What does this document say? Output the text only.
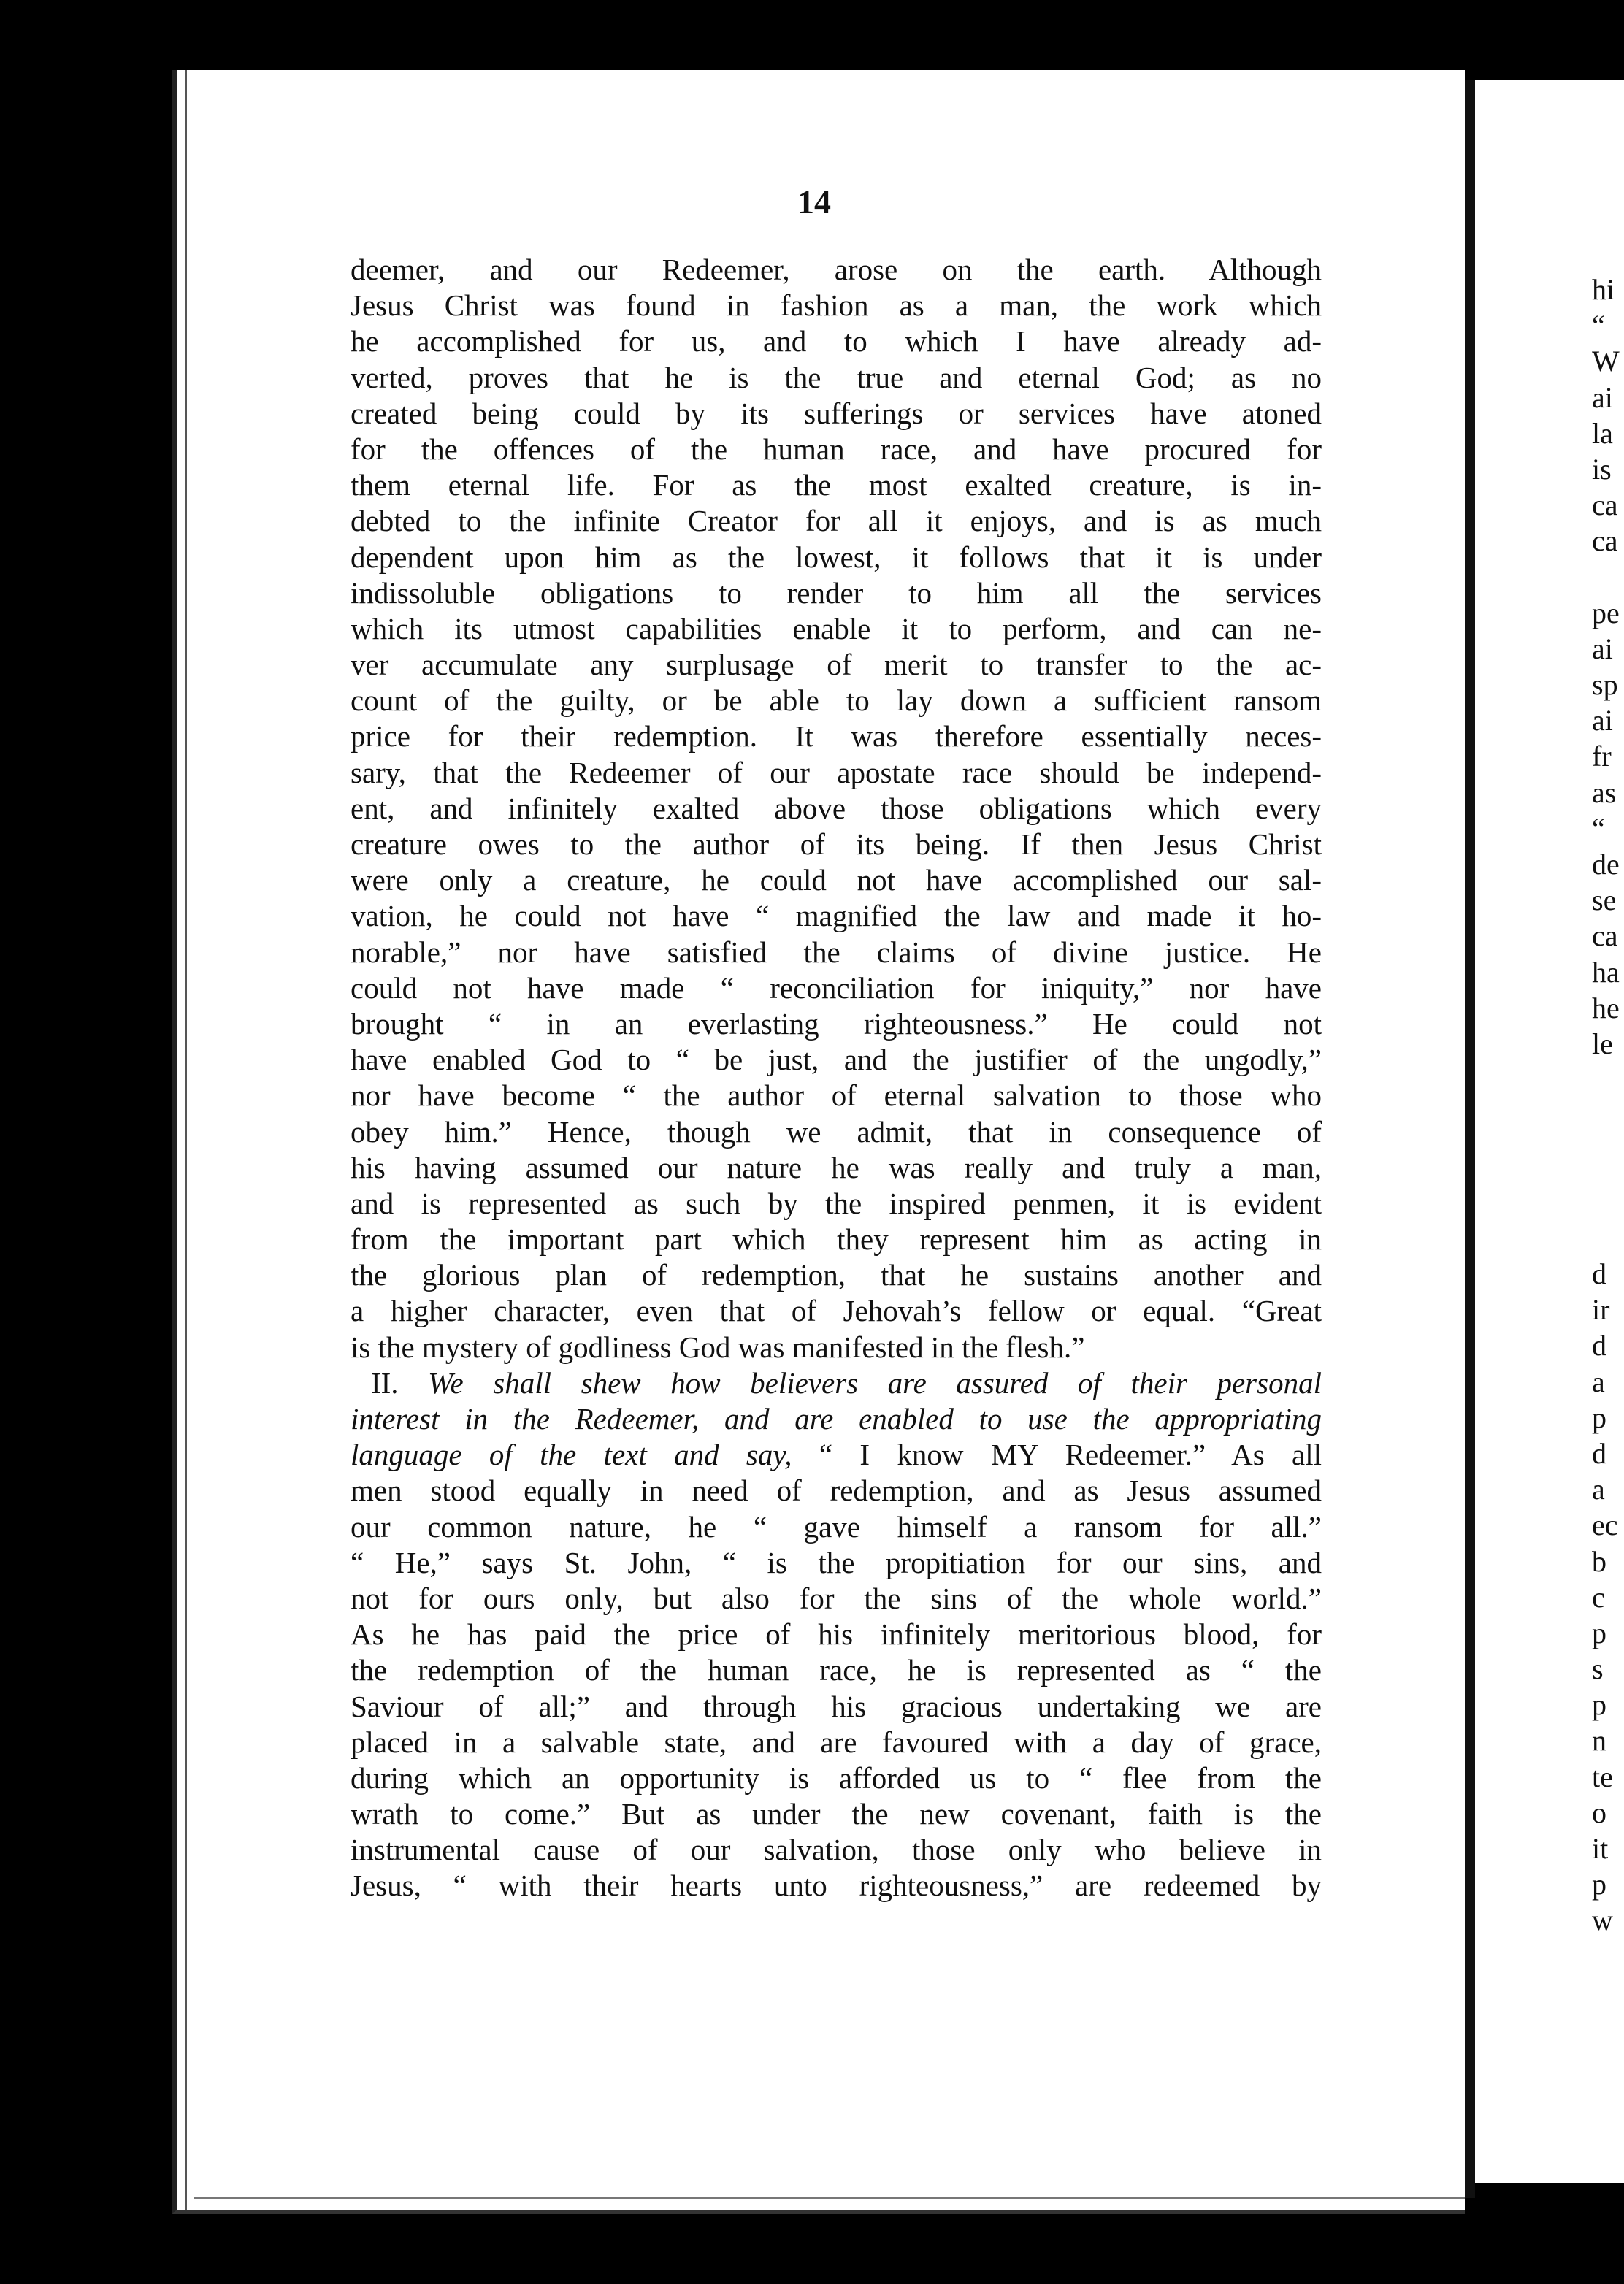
14
deemer, and our Redeemer, arose on the earth. Although
Jesus Christ was found in fashion as a man, the work which
he accomplished for us, and to which I have already ad-
verted, proves that he is the true and eternal God; as no
created being could by its sufferings or services have atoned
for the offences of the human race, and have procured for
them eternal life. For as the most exalted creature, is in-
debted to the infinite Creator for all it enjoys, and is as much
dependent upon him as the lowest, it follows that it is under
indissoluble obligations to render to him all the services
which its utmost capabilities enable it to perform, and can ne-
ver accumulate any surplusage of merit to transfer to the ac-
count of the guilty, or be able to lay down a sufficient ransom
price for their redemption. It was therefore essentially neces-
sary, that the Redeemer of our apostate race should be independ-
ent, and infinitely exalted above those obligations which every
creature owes to the author of its being. If then Jesus Christ
were only a creature, he could not have accomplished our sal-
vation, he could not have “ magnified the law and made it ho-
norable,” nor have satisfied the claims of divine justice. He
could not have made “ reconciliation for iniquity,” nor have
brought “ in an everlasting righteousness.” He could not
have enabled God to “ be just, and the justifier of the ungodly,”
nor have become “ the author of eternal salvation to those who
obey him.” Hence, though we admit, that in consequence of
his having assumed our nature he was really and truly a man,
and is represented as such by the inspired penmen, it is evident
from the important part which they represent him as acting in
the glorious plan of redemption, that he sustains another and
a higher character, even that of Jehovah’s fellow or equal. “Great
is the mystery of godliness God was manifested in the flesh.”
II. We shall shew how believers are assured of their personal
interest in the Redeemer, and are enabled to use the appropriating
language of the text and say, “ I know MY Redeemer.” As all
men stood equally in need of redemption, and as Jesus assumed
our common nature, he “ gave himself a ransom for all.”
“ He,” says St. John, “ is the propitiation for our sins, and
not for ours only, but also for the sins of the whole world.”
As he has paid the price of his infinitely meritorious blood, for
the redemption of the human race, he is represented as “ the
Saviour of all;” and through his gracious undertaking we are
placed in a salvable state, and are favoured with a day of grace,
during which an opportunity is afforded us to “ flee from the
wrath to come.” But as under the new covenant, faith is the
instrumental cause of our salvation, those only who believe in
Jesus, “ with their hearts unto righteousness,” are redeemed by
hi
“
W
ai
la
is
ca
ca
pe
ai
sp
ai
fr
as
“
de
se
ca
ha
he
le
d
ir
d
a
p
d
a
ec
b
c
p
s
p
n
te
o
it
p
w
